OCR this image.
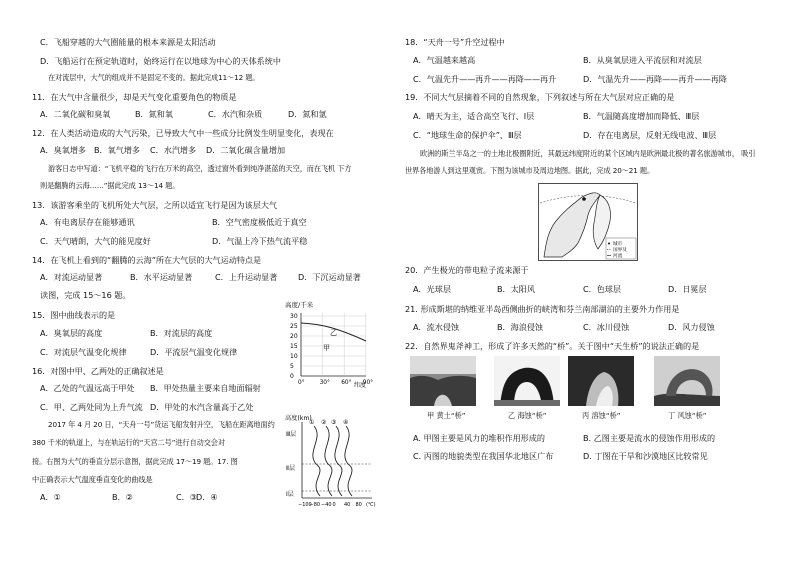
C．飞船穿越的大气圈能量的根本来源是太阳活动
D．飞船运行在预定轨道时，始终运行在以地球为中心的天体系统中
在对流层中，大气的组成并不是固定不变的。据此完成11～12 题。
11．在大气中含量很少，却是天气变化重要角色的物质是
A．二氧化碳和臭氧	B．氮和氧	C．水汽和杂质	D．氮和氩
12．在人类活动造成的大气污染，已导致大气中一些成分比例发生明显变化，表现在
A．臭氧增多 B．氧气增多 C．水汽增多 D．二氧化碳含量增加
游客日志中写道：“飞机平稳的飞行在万米的高空，透过窗外看到纯净湛蓝的天空，而在飞机 下方
则是翻腾的云海……”据此完成 13～14 题。
13．该游客乘坐的飞机所处大气层，之所以适宜飞行是因为该层大气
A．有电离层存在能够通讯	B．空气密度极低近于真空
C．天气晴朗，大气的能见度好	D．气温上冷下热气流平稳
14．在飞机上看到的“翻腾的云海”所在大气层的大气运动特点是
A．对流运动显著	B．水平运动显著	C．上升运动显著	D．下沉运动显著
读图，完成 15～16 题。
15．图中曲线表示的是
A．臭氧层的高度	B．对流层的高度
C．对流层气温变化规律	D．平流层气温变化规律
16．对图中甲、乙两处的正确叙述是
A．乙处的气温远高于甲处 B．甲处热量主要来自地面辐射
C．甲、乙两处同为上升气流 D．甲处的水汽含量高于乙处
2017 年 4 月 20 日，“天舟一号”货运飞船发射升空，飞船在距离地面约
380 千米的轨道上，与在轨运行的“天宫二号”进行自动交会对
接。右图为大气的垂直分层示意图，据此完成 17～19 题。17. 图
中正确表示大气温度垂直变化的曲线是
A．①	B．②	C．③
D．④
高度/千米
30
25
20
15
10
5
0
0°	30° 60° 90°
乙
甲
纬度
高度(km)
Ⅲ层
Ⅱ层
Ⅰ层
① ② ③ ④
−100
−80 −40 0 40 80 (℃)
18．“天舟一号”升空过程中
A．气温越来越高	B．从臭氧层进入平流层和对流层
C．气温先升——再升——再降——再升	D．气温先升——再降——再升——再降
19．不同大气层摘着不同的自然现象，下列叙述与所在大气层对应正确的是
A．晴天为主，适合高空飞行、Ⅰ层	B．气温随高度增加而降低、Ⅲ层
C．“地球生命的保护伞”、Ⅲ层	D．存在电离层，反射无线电波、Ⅲ层
欧洲的斯兰半岛之一的土地北极圈附近，其最远纬度附近的某个区域内是欧洲最北极的著名旅游城市， 吸引
世界各地游人到这里观赏。下图为该城市及周边地图。据此，完成 20～21 题。
20．产生极光的带电粒子流来源于
A．光球层	B．太阳风	C．色球层	D．日冕层
21. 形成斯堪的纳维亚半岛西侧曲折的峡湾和芬兰南部湖泊的主要外力作用是
A．流水侵蚀	B．海浪侵蚀	C．冰川侵蚀	D．风力侵蚀
22．自然界鬼斧神工，形成了许多天然的“桥”。关于图中“天生桥”的说法正确的是
A. 甲图主要是风力的堆积作用形成的	B. 乙图主要是流水的侵蚀作用形成的
C. 丙图的地貌类型在我国华北地区广布	D. 丁图在干旱和沙漠地区比较常见
城市
国界及
河流
甲 黄土“桥”	乙 海蚀“桥”	丙 溶蚀“桥”	丁 风蚀“桥”
